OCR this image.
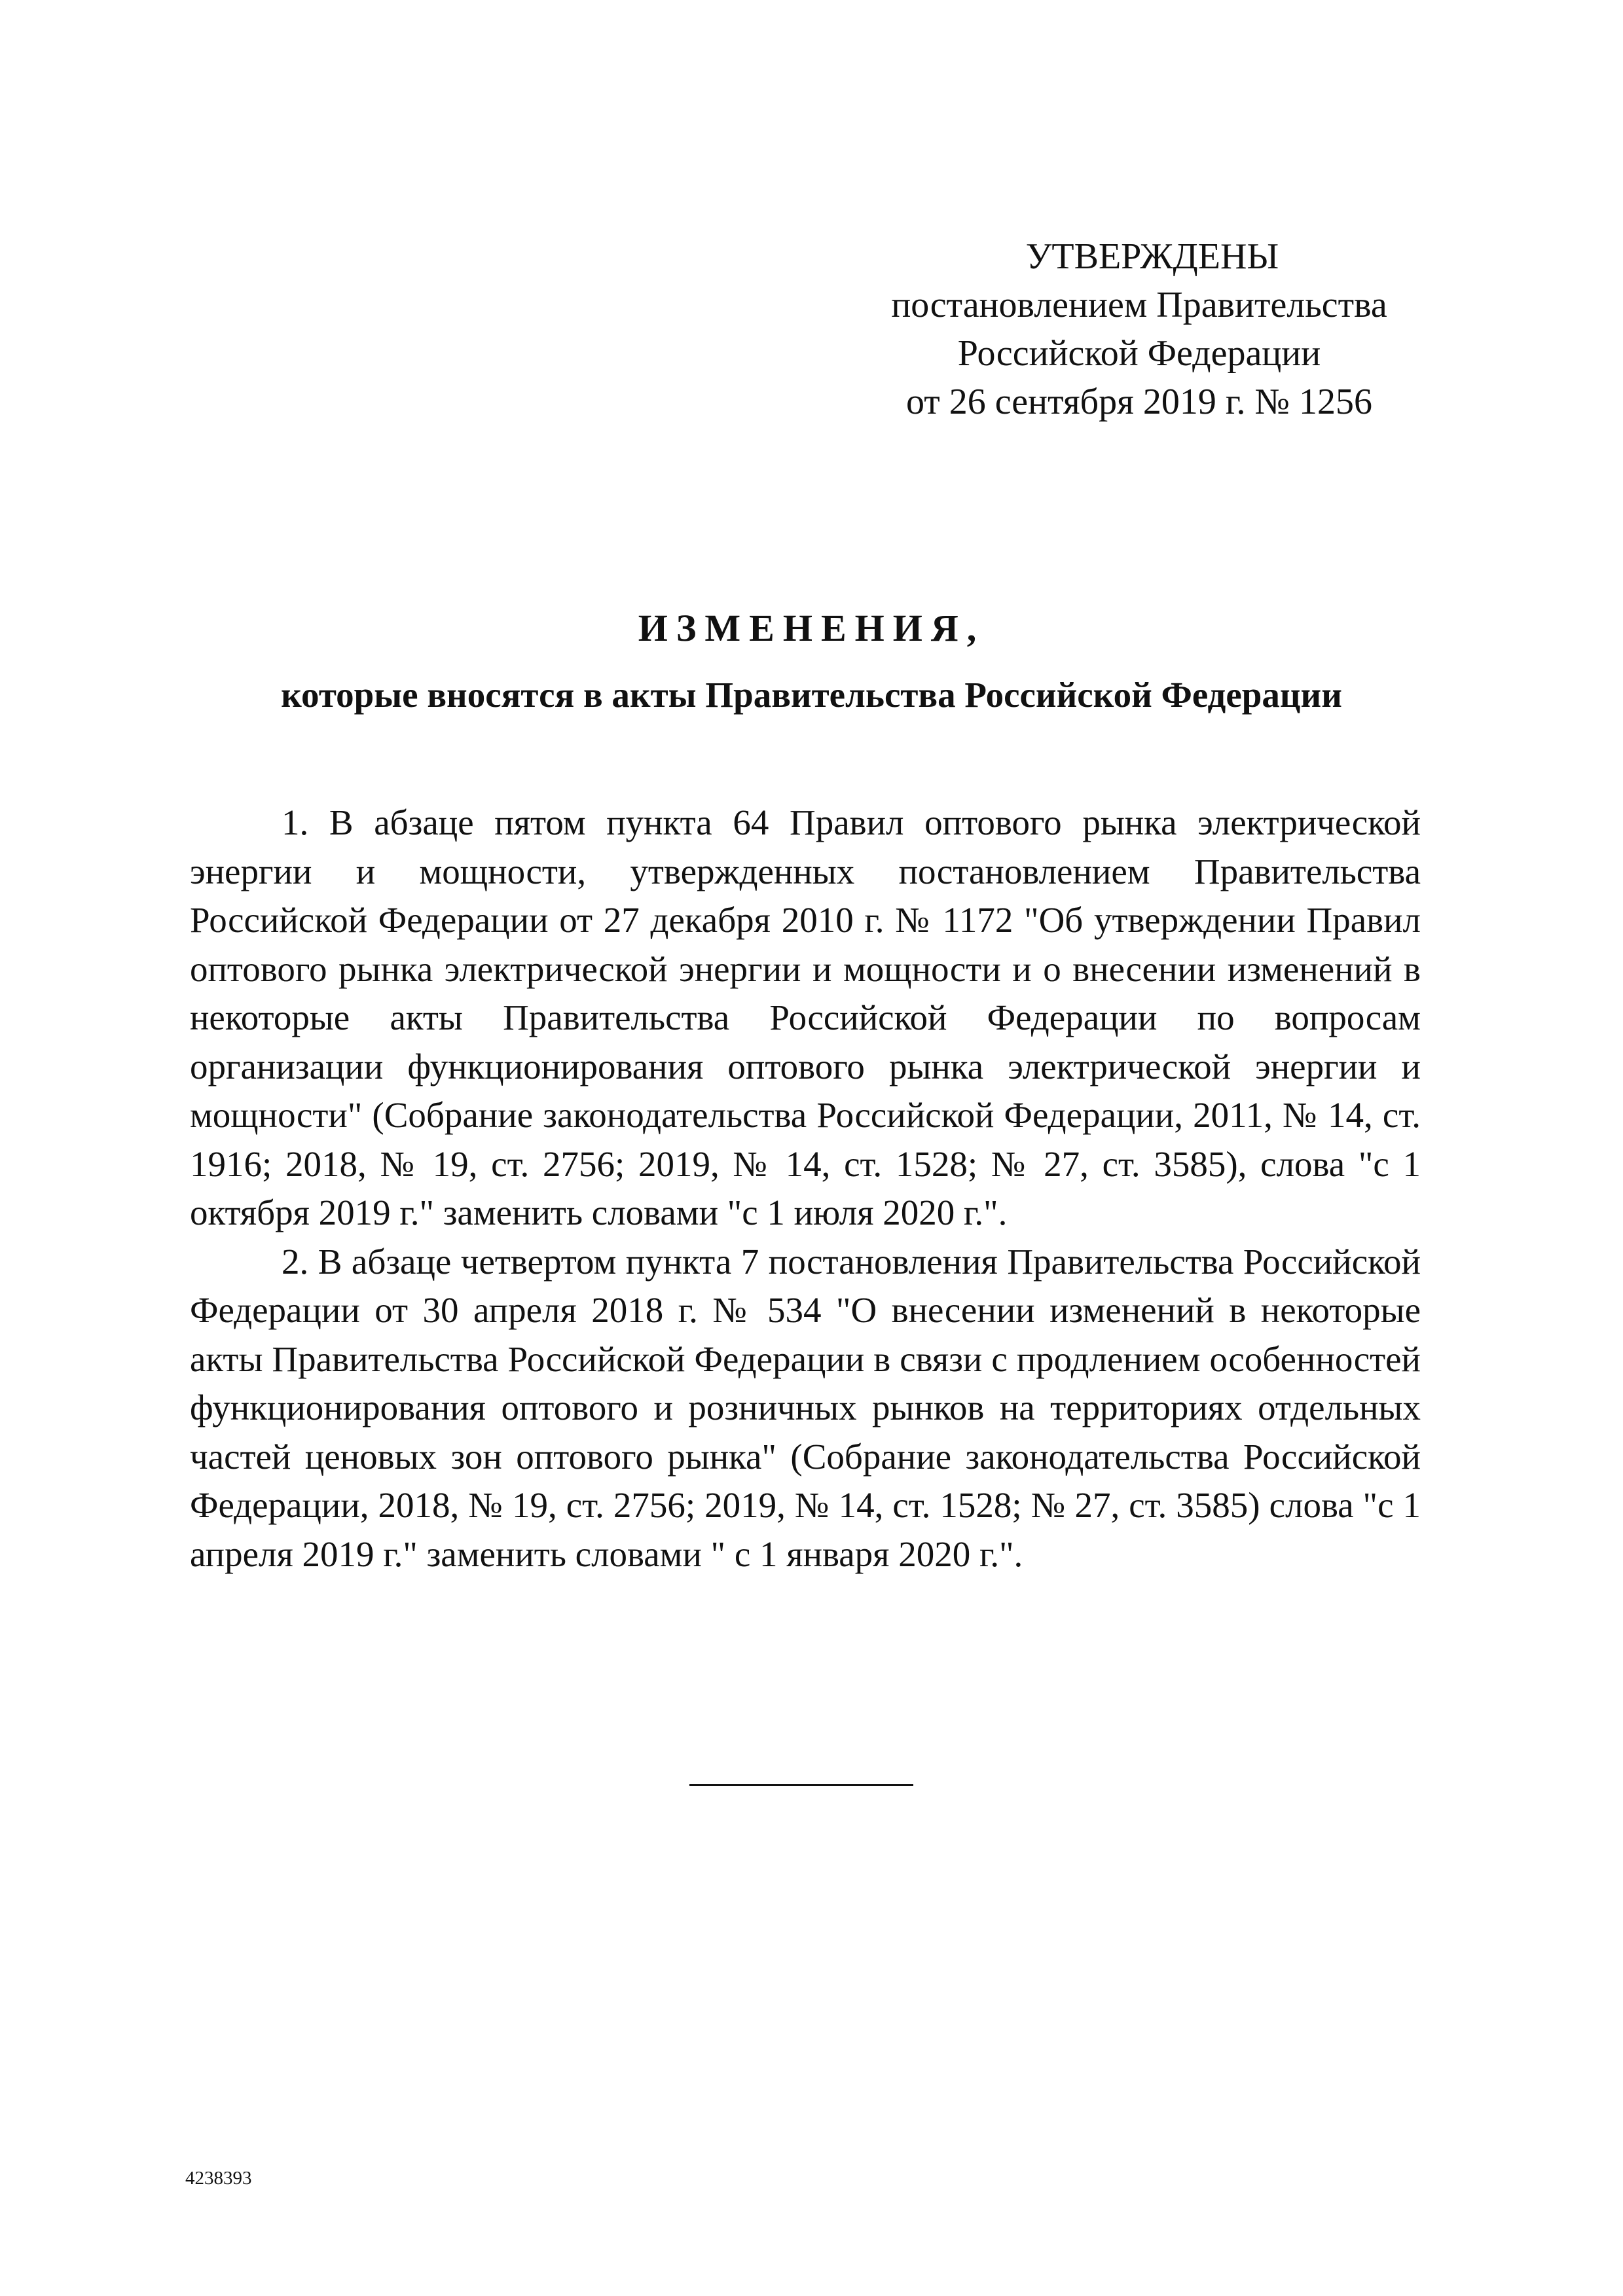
УТВЕРЖДЕНЫ
постановлением Правительства
Российской Федерации
от 26 сентября 2019 г. № 1256
ИЗМЕНЕНИЯ,
которые вносятся в акты Правительства Российской Федерации

1. В абзаце пятом пункта 64 Правил оптового рынка электрической энергии и мощности, утвержденных постановлением Правительства Российской Федерации от 27 декабря 2010 г. № 1172 "Об утверждении Правил оптового рынка электрической энергии и мощности и о внесении изменений в некоторые акты Правительства Российской Федерации по вопросам организации функционирования оптового рынка электрической энергии и мощности" (Собрание законодательства Российской Федерации, 2011, № 14, ст. 1916; 2018, № 19, ст. 2756; 2019, № 14, ст. 1528; № 27, ст. 3585), слова "с 1 октября 2019 г." заменить словами "с 1 июля 2020 г.".

2. В абзаце четвертом пункта 7 постановления Правительства Российской Федерации от 30 апреля 2018 г. № 534 "О внесении изменений в некоторые акты Правительства Российской Федерации в связи с продлением особенностей функционирования оптового и розничных рынков на территориях отдельных частей ценовых зон оптового рынка" (Собрание законодательства Российской Федерации, 2018, № 19, ст. 2756; 2019, № 14, ст. 1528; № 27, ст. 3585) слова "с 1 апреля 2019 г." заменить словами " с 1 января 2020 г.".

4238393
